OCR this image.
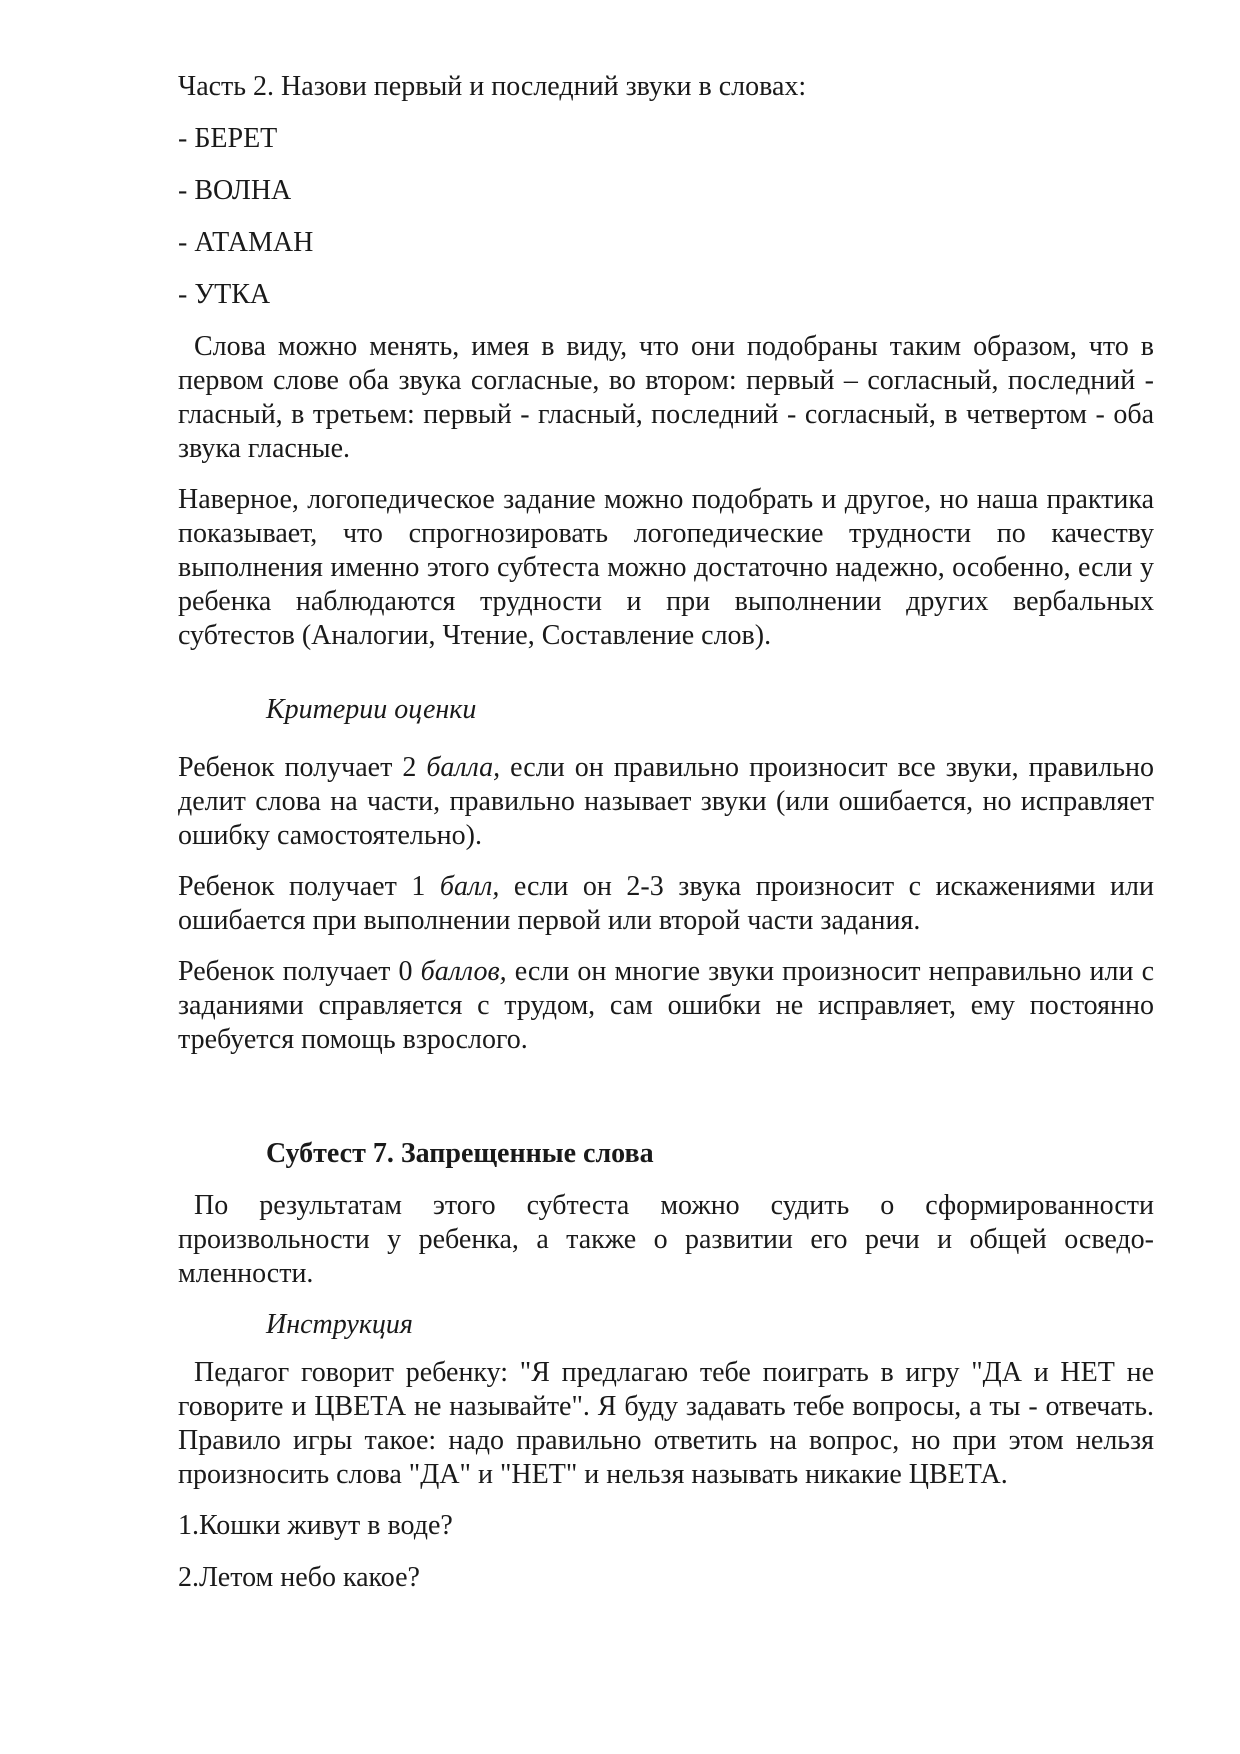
Часть 2. Назови первый и последний звуки в словах:

- БЕРЕТ

- ВОЛНА

- АТАМАН

- УТКА

Слова можно менять, имея в виду, что они подобраны таким образом, что в первом слове оба звука согласные, во втором: первый – согласный, последний - гласный, в третьем: первый - гласный, последний - согласный, в четвертом - оба звука гласные.

Наверное, логопедическое задание можно подобрать и другое, но наша практика показывает, что спрогнозировать логопедические трудности по качеству выполнения именно этого субтеста можно достаточно надежно, особенно, если у ребенка наблюдаются трудности и при выполнении других вербальных субтестов (Аналогии, Чтение, Составление слов).

Критерии оценки

Ребенок получает 2 балла, если он правильно произносит все звуки, правильно делит слова на части, правильно называет звуки (или ошибается, но исправляет ошибку самостоятельно).

Ребенок получает 1 балл, если он 2-3 звука произносит с искажениями или ошибается при выполнении первой или второй части задания.

Ребенок получает 0 баллов, если он многие звуки произносит неправильно или с заданиями справляется с трудом, сам ошибки не исправляет, ему постоянно требуется помощь взрослого.

Субтест 7. Запрещенные слова

По результатам этого субтеста можно судить о сформированности произвольности у ребенка, а также о развитии его речи и общей осведо-мленности.

Инструкция

Педагог говорит ребенку: "Я предлагаю тебе поиграть в игру "ДА и НЕТ не говорите и ЦВЕТА не называйте". Я буду задавать тебе вопросы, а ты - отвечать. Правило игры такое: надо правильно ответить на вопрос, но при этом нельзя произносить слова "ДА" и "НЕТ" и нельзя называть никакие ЦВЕТА.

1.Кошки живут в воде?

2.Летом небо какое?
